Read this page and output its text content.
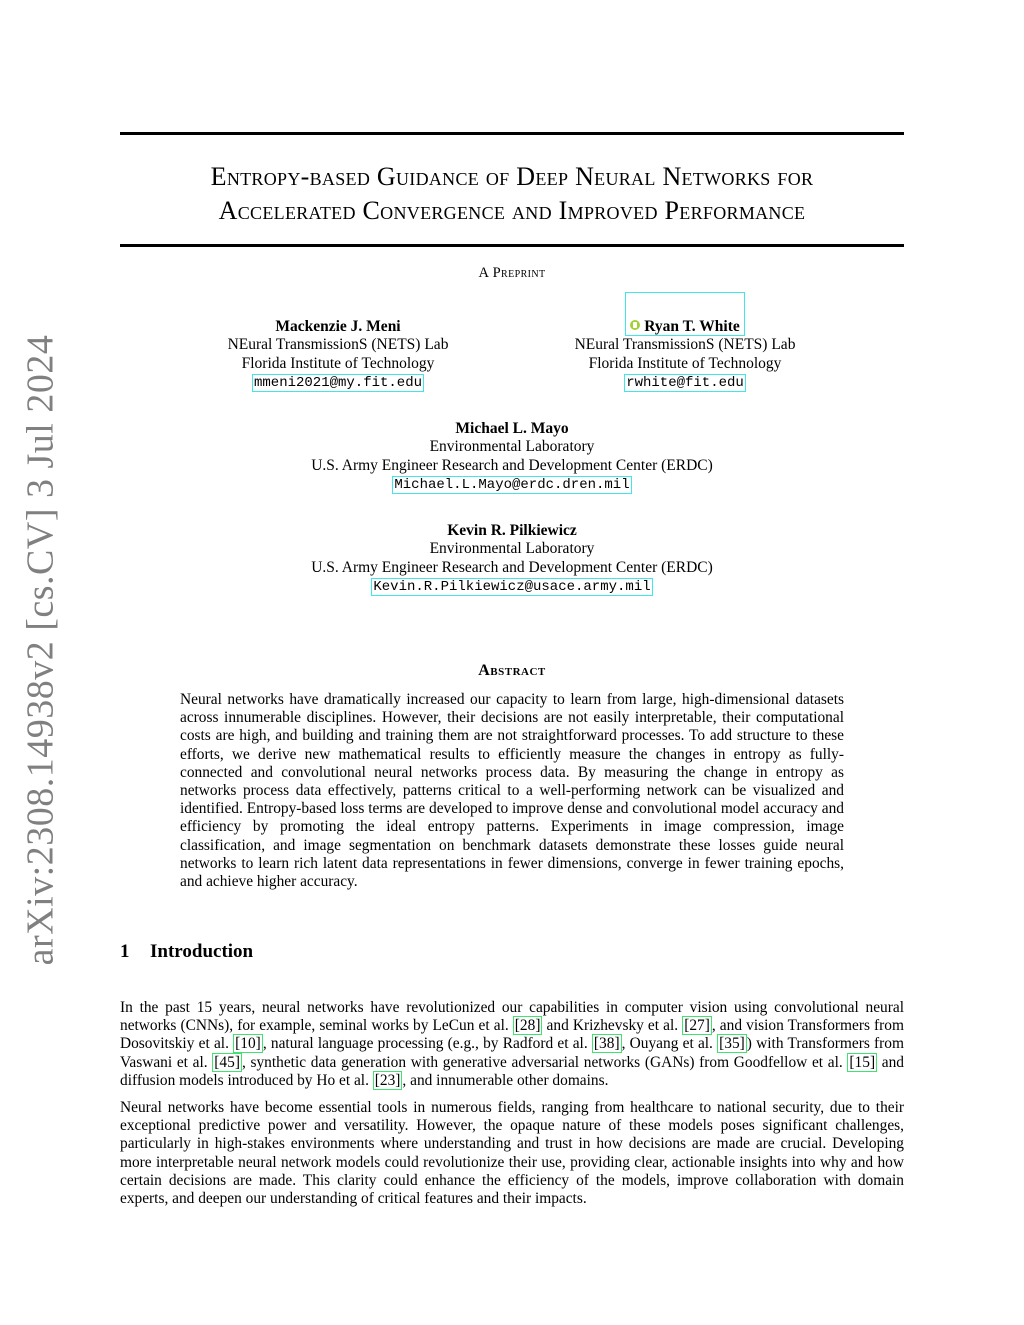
arXiv:2308.14938v2 [cs.CV] 3 Jul 2024
Entropy-based Guidance of Deep Neural Networks for
Accelerated Convergence and Improved Performance
A Preprint
Mackenzie J. Meni
NEural TransmissionS (NETS) Lab
Florida Institute of Technology
mmeni2021@my.fit.edu
Ryan T. White
NEural TransmissionS (NETS) Lab
Florida Institute of Technology
rwhite@fit.edu
Michael L. Mayo
Environmental Laboratory
U.S. Army Engineer Research and Development Center (ERDC)
Michael.L.Mayo@erdc.dren.mil
Kevin R. Pilkiewicz
Environmental Laboratory
U.S. Army Engineer Research and Development Center (ERDC)
Kevin.R.Pilkiewicz@usace.army.mil
Abstract
Neural networks have dramatically increased our capacity to learn from large, high-dimensional datasets across innumerable disciplines. However, their decisions are not easily interpretable, their computational costs are high, and building and training them are not straightforward processes. To add structure to these efforts, we derive new mathematical results to efficiently measure the changes in entropy as fully-connected and convolutional neural networks process data. By measuring the change in entropy as networks process data effectively, patterns critical to a well-performing network can be visualized and identified. Entropy-based loss terms are developed to improve dense and convolutional model accuracy and efficiency by promoting the ideal entropy patterns. Experiments in image compression, image classification, and image segmentation on benchmark datasets demonstrate these losses guide neural networks to learn rich latent data representations in fewer dimensions, converge in fewer training epochs, and achieve higher accuracy.
1 Introduction
In the past 15 years, neural networks have revolutionized our capabilities in computer vision using convolutional neural networks (CNNs), for example, seminal works by LeCun et al. [28] and Krizhevsky et al. [27] , and vision Transformers from Dosovitskiy et al. [10] , natural language processing (e.g., by Radford et al. [38] , Ouyang et al. [35] ) with Transformers from Vaswani et al. [45] , synthetic data generation with generative adversarial networks (GANs) from Goodfellow et al. [15] and diffusion models introduced by Ho et al. [23] , and innumerable other domains.
Neural networks have become essential tools in numerous fields, ranging from healthcare to national security, due to their exceptional predictive power and versatility. However, the opaque nature of these models poses significant challenges, particularly in high-stakes environments where understanding and trust in how decisions are made are crucial. Developing more interpretable neural network models could revolutionize their use, providing clear, actionable insights into why and how certain decisions are made. This clarity could enhance the efficiency of the models, improve collaboration with domain experts, and deepen our understanding of critical features and their impacts.
